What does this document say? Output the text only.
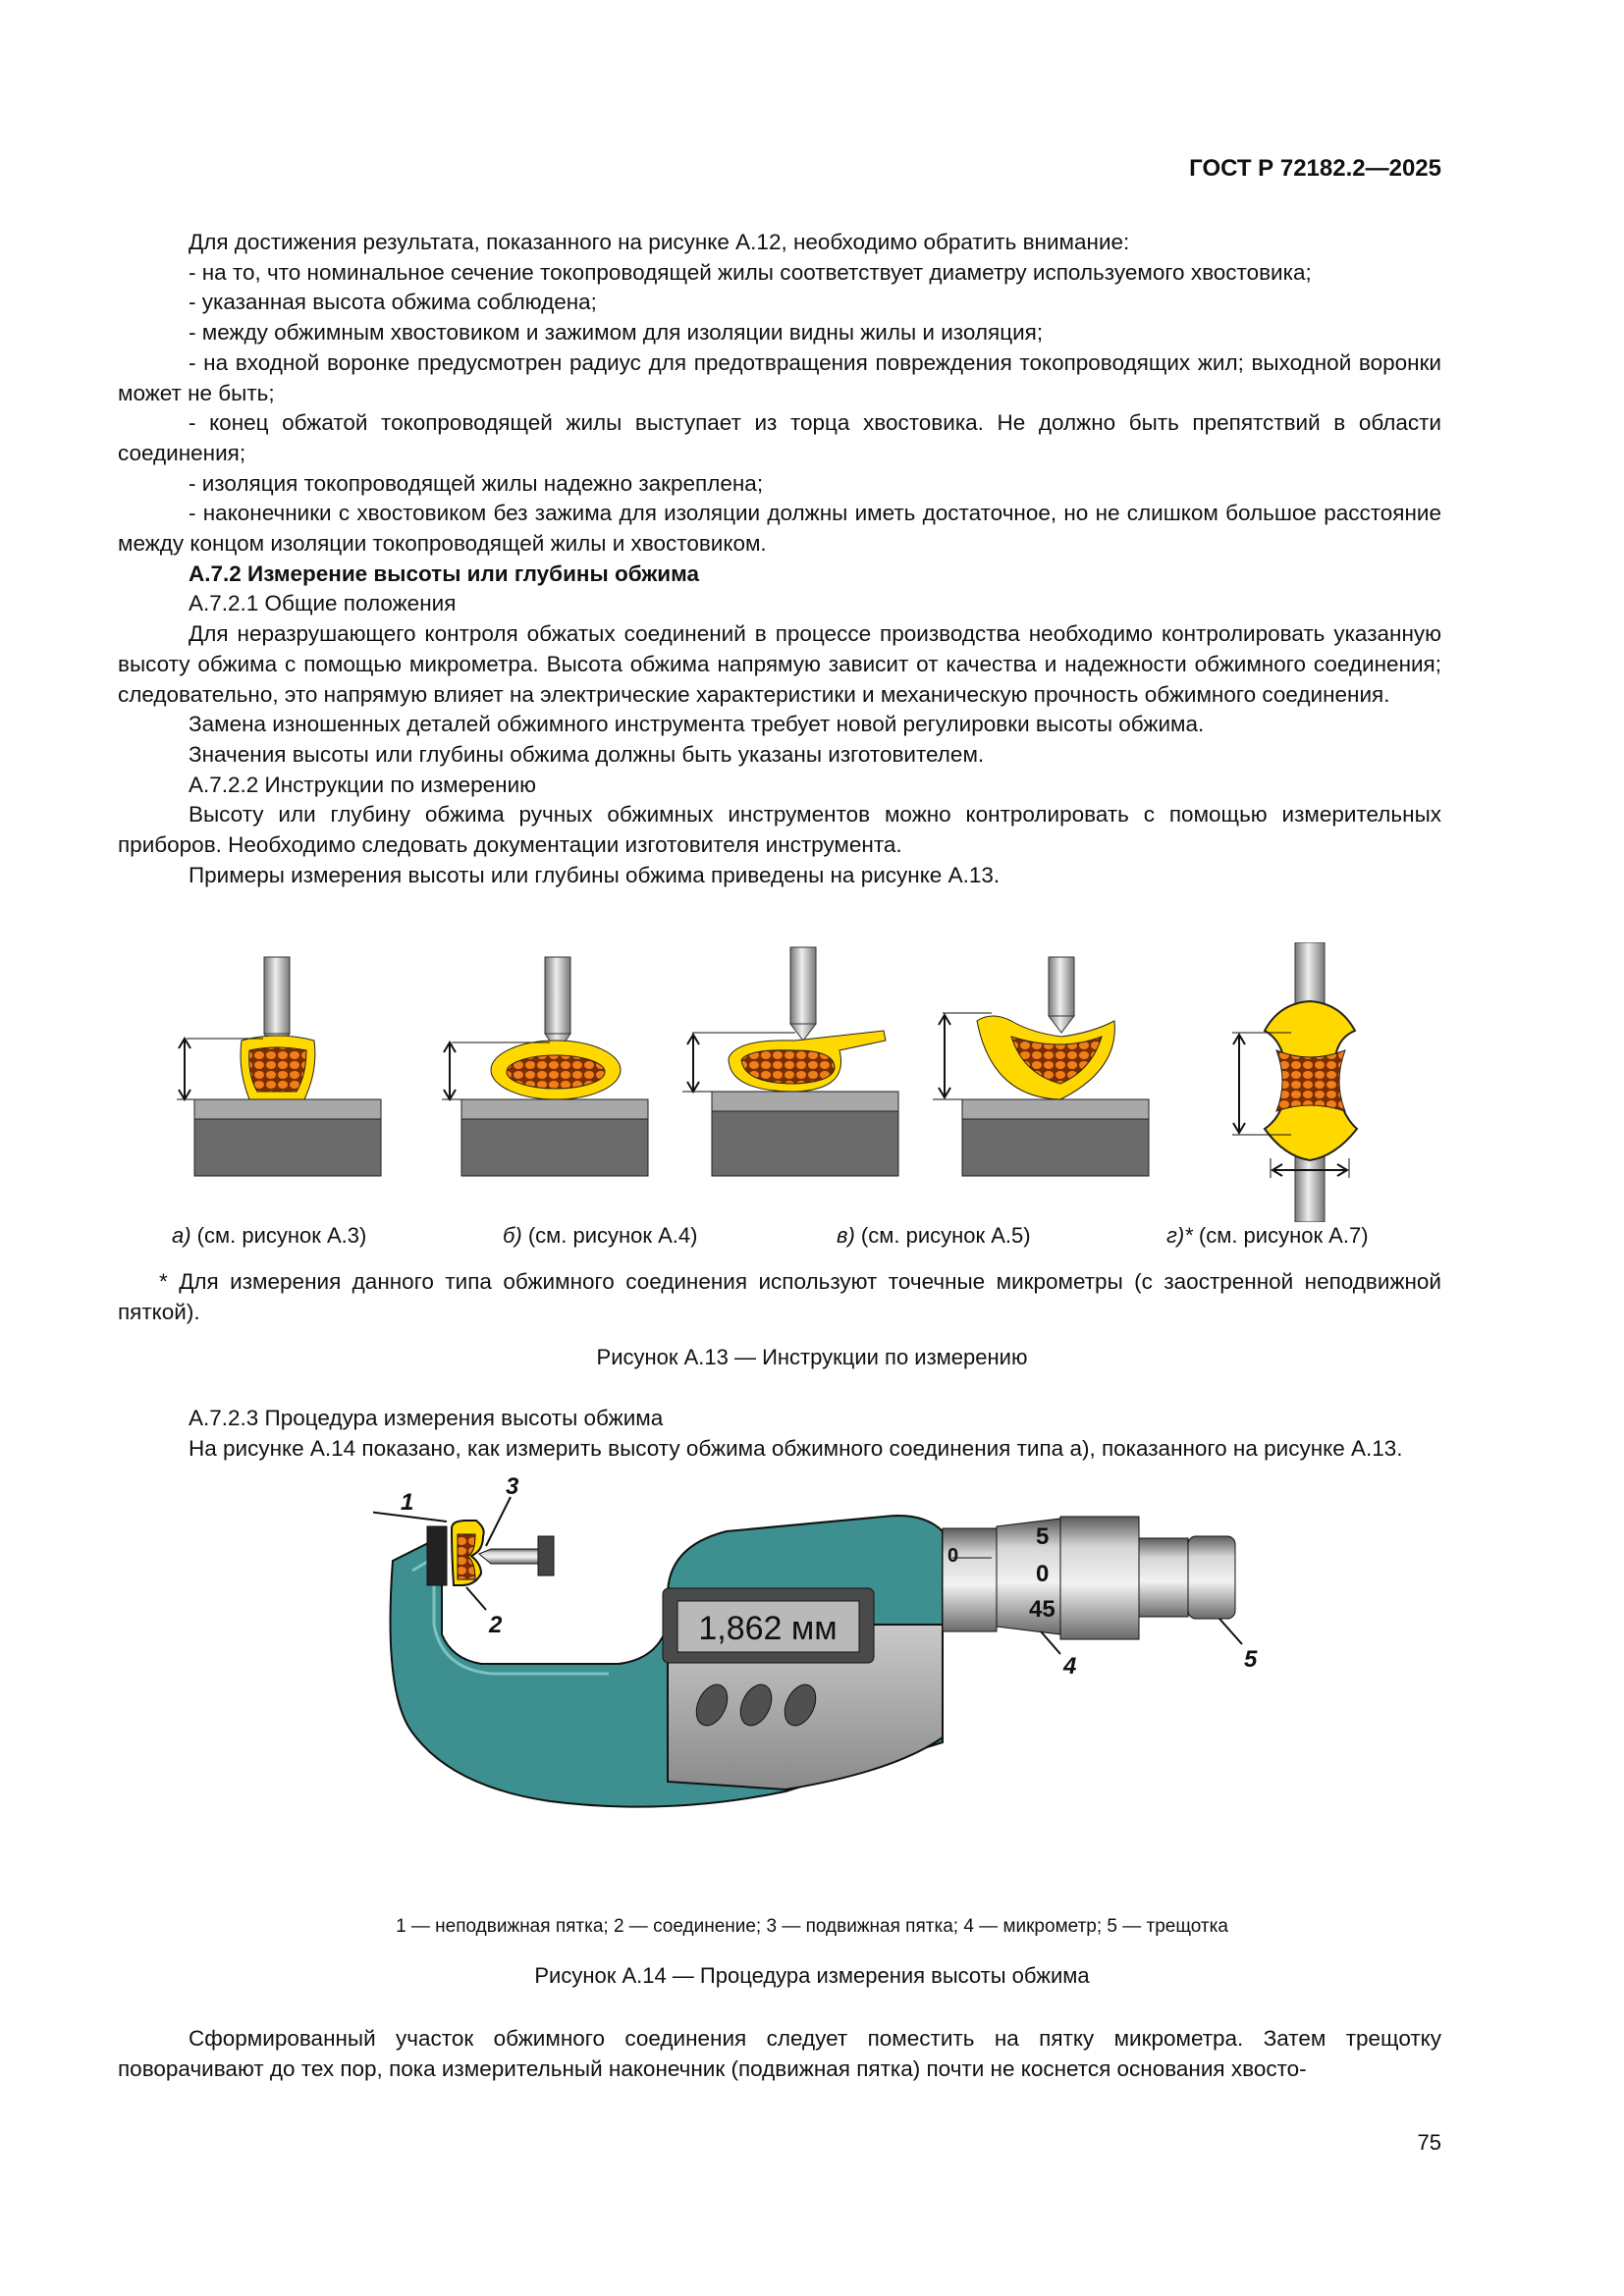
ГОСТ Р 72182.2—2025

Для достижения результата, показанного на рисунке А.12, необходимо обратить внимание:

- на то, что номинальное сечение токопроводящей жилы соответствует диаметру используемого хвостовика;

- указанная высота обжима соблюдена;

- между обжимным хвостовиком и зажимом для изоляции видны жилы и изоляция;

- на входной воронке предусмотрен радиус для предотвращения повреждения токопроводящих жил; выходной воронки может не быть;

- конец обжатой токопроводящей жилы выступает из торца хвостовика. Не должно быть препятствий в области соединения;

- изоляция токопроводящей жилы надежно закреплена;

- наконечники с хвостовиком без зажима для изоляции должны иметь достаточное, но не слишком большое расстояние между концом изоляции токопроводящей жилы и хвостовиком.

А.7.2 Измерение высоты или глубины обжима

А.7.2.1 Общие положения

Для неразрушающего контроля обжатых соединений в процессе производства необходимо контролировать указанную высоту обжима с помощью микрометра. Высота обжима напрямую зависит от качества и надежности обжимного соединения; следовательно, это напрямую влияет на электрические характеристики и механическую прочность обжимного соединения.

Замена изношенных деталей обжимного инструмента требует новой регулировки высоты обжима.

Значения высоты или глубины обжима должны быть указаны изготовителем.

А.7.2.2 Инструкции по измерению

Высоту или глубину обжима ручных обжимных инструментов можно контролировать с помощью измерительных приборов. Необходимо следовать документации изготовителя инструмента.

Примеры измерения высоты или глубины обжима приведены на рисунке А.13.

а) (см. рисунок А.3)	б) (см. рисунок А.4)	в) (см. рисунок А.5)	г)* (см. рисунок А.7)

* Для измерения данного типа обжимного соединения используют точечные микрометры (с заостренной неподвижной пяткой).

Рисунок А.13 — Инструкции по измерению

А.7.2.3 Процедура измерения высоты обжима

На рисунке А.14 показано, как измерить высоту обжима обжимного соединения типа а), показанного на рисунке А.13.

1,862 мм
0
5
0
45
1
2
3
4	5
1 — неподвижная пятка; 2 — соединение; 3 — подвижная пятка; 4 — микрометр; 5 — трещотка
Рисунок А.14 — Процедура измерения высоты обжима

Сформированный участок обжимного соединения следует поместить на пятку микрометра. Затем трещотку поворачивают до тех пор, пока измерительный наконечник (подвижная пятка) почти не коснется основания хвосто-

75
